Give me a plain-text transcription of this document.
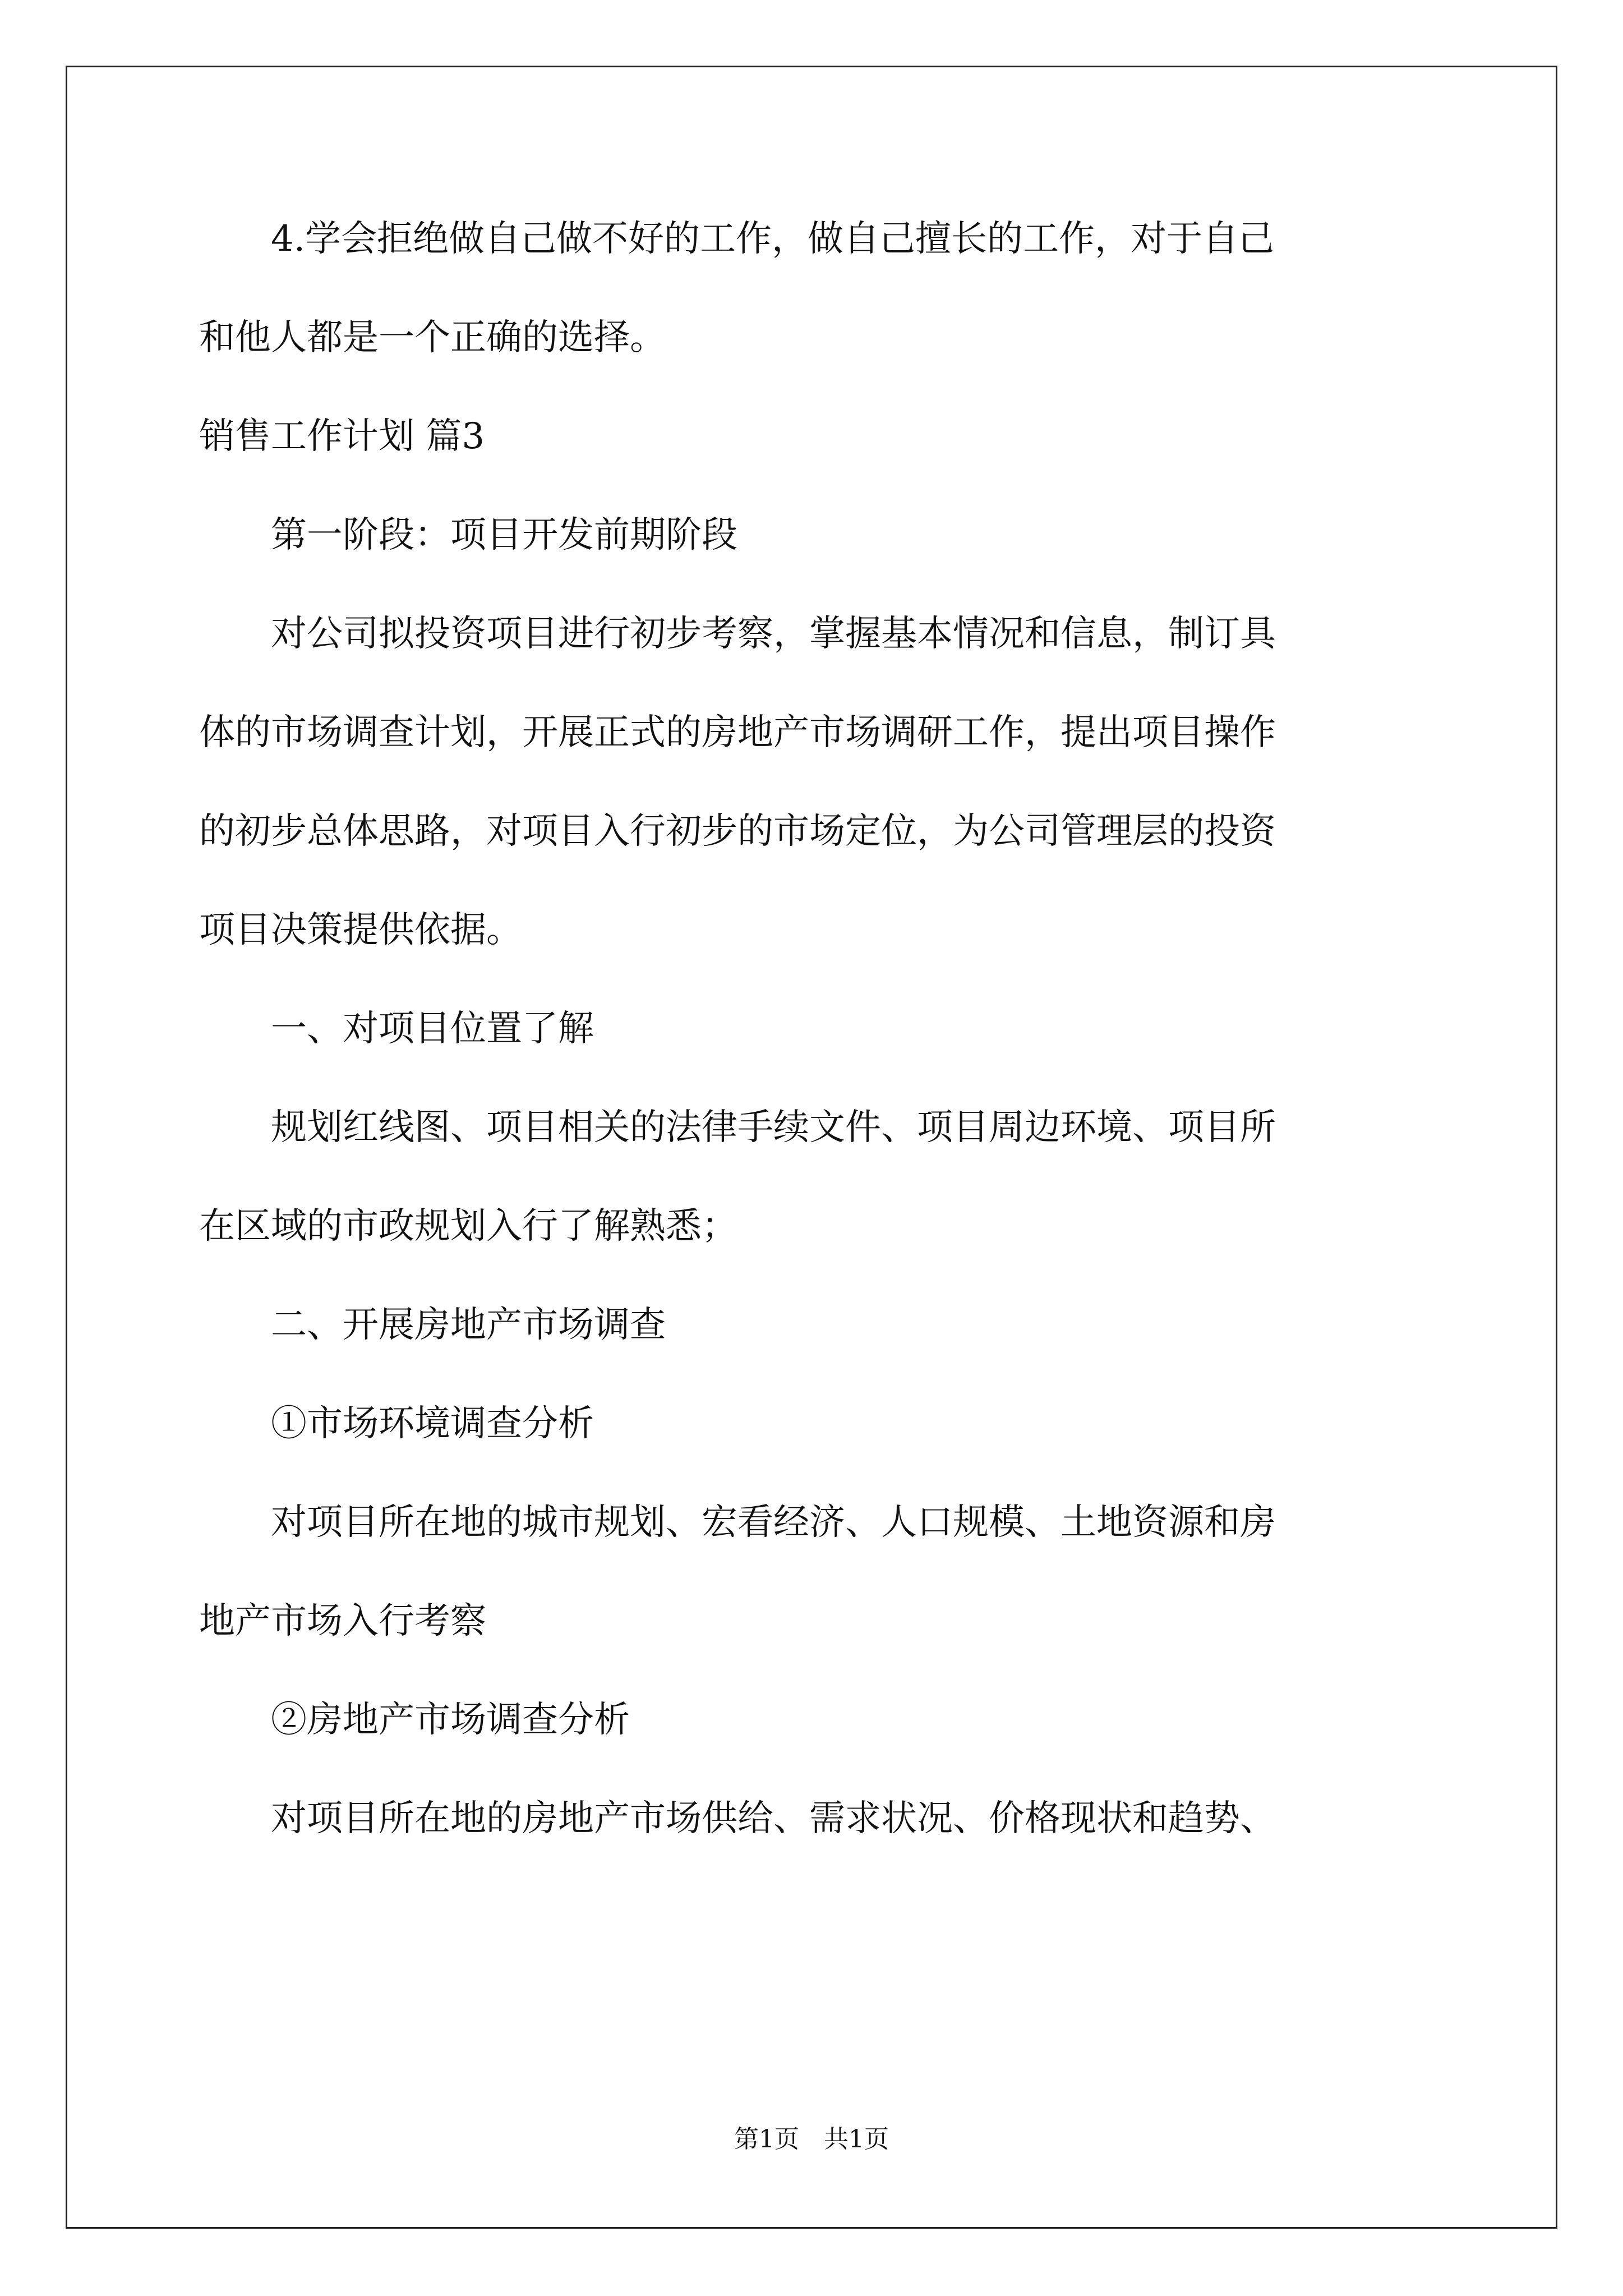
　　4.学会拒绝做自己做不好的工作，做自己擅长的工作，对于自己

和他人都是一个正确的选择。

销售工作计划 篇3

　　第一阶段：项目开发前期阶段

　　对公司拟投资项目进行初步考察，掌握基本情况和信息，制订具

体的市场调查计划，开展正式的房地产市场调研工作，提出项目操作

的初步总体思路，对项目入行初步的市场定位，为公司管理层的投资

项目决策提供依据。

　　一、对项目位置了解

　　规划红线图、项目相关的法律手续文件、项目周边环境、项目所

在区域的市政规划入行了解熟悉；

　　二、开展房地产市场调查

　　①市场环境调查分析

　　对项目所在地的城市规划、宏看经济、人口规模、土地资源和房

地产市场入行考察

　　②房地产市场调查分析

　　对项目所在地的房地产市场供给、需求状况、价格现状和趋势、

第1页　共1页
